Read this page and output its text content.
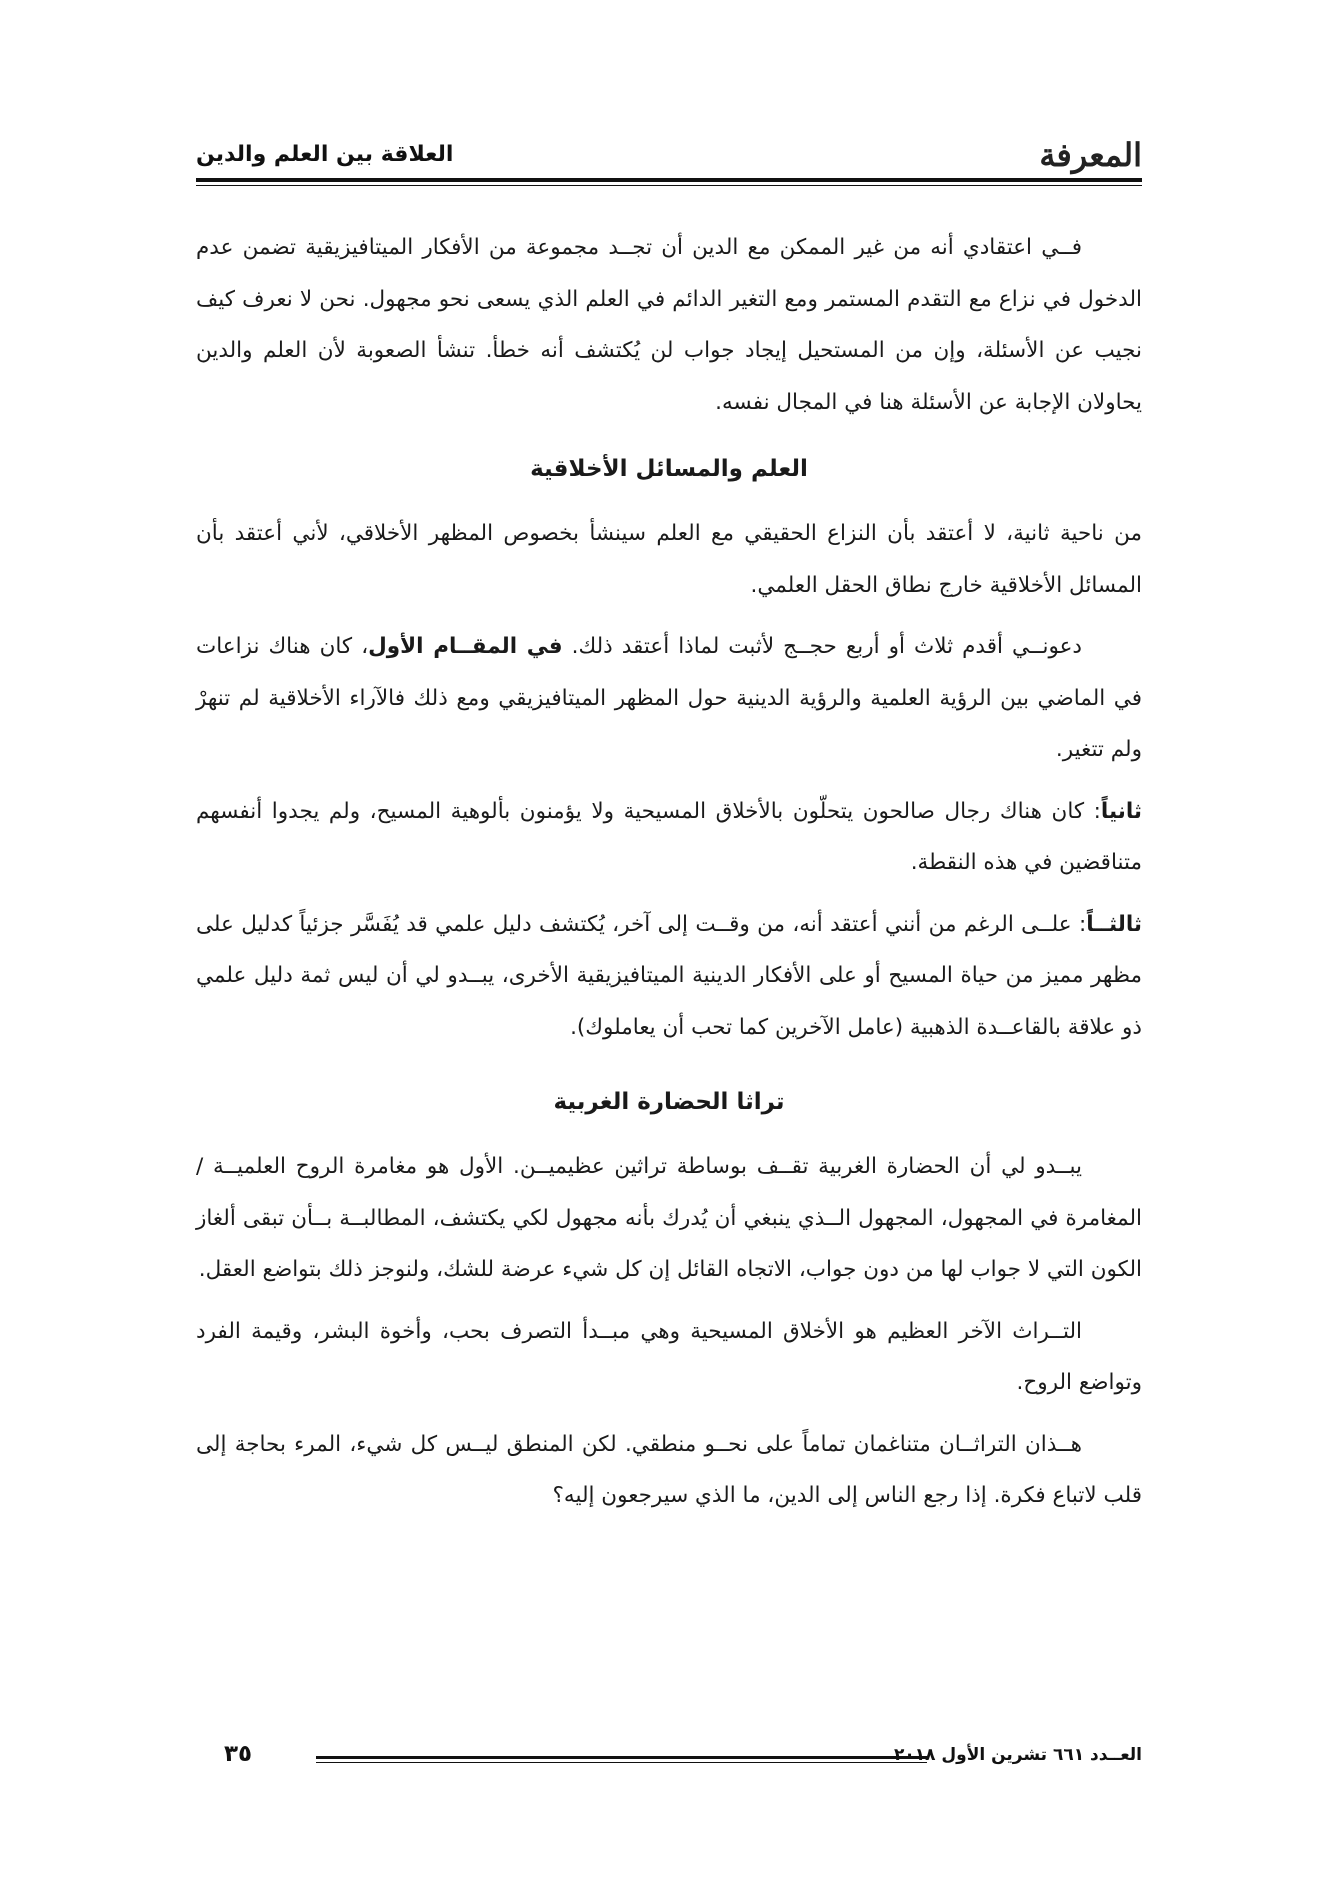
المعرفة
العلاقة بين العلم والدين

فــي اعتقادي أنه من غير الممكن مع الدين أن تجــد مجموعة من الأفكار الميتافيزيقية تضمن عدم الدخول في نزاع مع التقدم المستمر ومع التغير الدائم في العلم الذي يسعى نحو مجهول. نحن لا نعرف كيف نجيب عن الأسئلة، وإن من المستحيل إيجاد جواب لن يُكتشف أنه خطأ. تنشأ الصعوبة لأن العلم والدين يحاولان الإجابة عن الأسئلة هنا في المجال نفسه.

العلم والمسائل الأخلاقية

من ناحية ثانية، لا أعتقد بأن النزاع الحقيقي مع العلم سينشأ بخصوص المظهر الأخلاقي، لأني أعتقد بأن المسائل الأخلاقية خارج نطاق الحقل العلمي.

دعونــي أقدم ثلاث أو أربع حجــج لأثبت لماذا أعتقد ذلك. في المقــام الأول، كان هناك نزاعات في الماضي بين الرؤية العلمية والرؤية الدينية حول المظهر الميتافيزيقي ومع ذلك فالآراء الأخلاقية لم تنهرْ ولم تتغير.

ثانياً: كان هناك رجال صالحون يتحلّون بالأخلاق المسيحية ولا يؤمنون بألوهية المسيح، ولم يجدوا أنفسهم متناقضين في هذه النقطة.

ثالثــاً: علــى الرغم من أنني أعتقد أنه، من وقــت إلى آخر، يُكتشف دليل علمي قد يُفَسَّر جزئياً كدليل على مظهر مميز من حياة المسيح أو على الأفكار الدينية الميتافيزيقية الأخرى، يبــدو لي أن ليس ثمة دليل علمي ذو علاقة بالقاعــدة الذهبية (عامل الآخرين كما تحب أن يعاملوك).

تراثا الحضارة الغربية

يبــدو لي أن الحضارة الغربية تقــف بوساطة تراثين عظيميــن. الأول هو مغامرة الروح العلميــة /المغامرة في المجهول، المجهول الــذي ينبغي أن يُدرك بأنه مجهول لكي يكتشف، المطالبــة بــأن تبقى ألغاز الكون التي لا جواب لها من دون جواب، الاتجاه القائل إن كل شيء عرضة للشك، ولنوجز ذلك بتواضع العقل.

التــراث الآخر العظيم هو الأخلاق المسيحية وهي مبــدأ التصرف بحب، وأخوة البشر، وقيمة الفرد وتواضع الروح.

هــذان التراثــان متناغمان تماماً على نحــو منطقي. لكن المنطق ليــس كل شيء، المرء بحاجة إلى قلب لاتباع فكرة. إذا رجع الناس إلى الدين، ما الذي سيرجعون إليه؟

العــدد ٦٦١ تشرين الأول ٢٠١٨
٣٥
